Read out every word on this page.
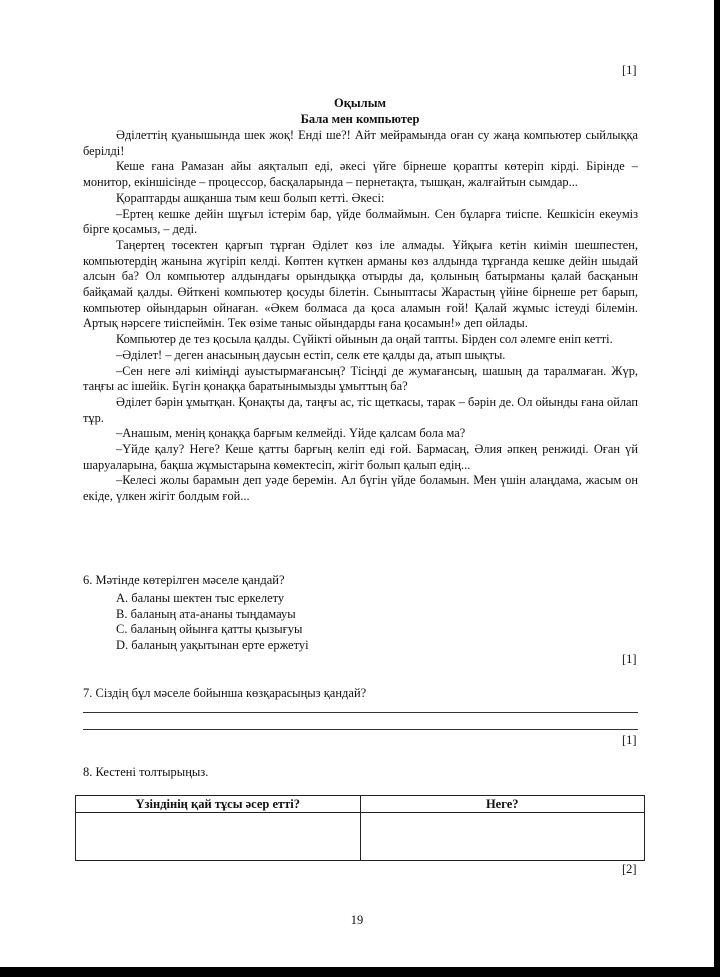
[1]
Оқылым
Бала мен компьютер

Әділеттің қуанышында шек жоқ! Енді ше?! Айт мейрамында оған су жаңа компьютер сыйлыққа берілді!

Кеше ғана Рамазан айы аяқталып еді, әкесі үйге бірнеше қорапты көтеріп кірді. Бірінде – монитор, екіншісінде – процессор, басқаларында – пернетақта, тышқан, жалғайтын сымдар...

Қораптарды ашқанша тым кеш болып кетті. Әкесі:

–Ертең кешке дейін шұғыл істерім бар, үйде болмаймын. Сен бұларға тиіспе. Кешкісін екеуміз бірге қосамыз, – деді.

Таңертең төсектен қарғып тұрған Әділет көз іле алмады. Ұйқыға кетін киімін шешпестен, компьютердің жанына жүгіріп келді. Көптен күткен арманы көз алдында тұрғанда кешке дейін шыдай алсын ба? Ол компьютер алдындағы орындыққа отырды да, қолының батырманы қалай басқанын байқамай қалды. Өйткені компьютер қосуды білетін. Сыныптасы Жарастың үйіне бірнеше рет барып, компьютер ойындарын ойнаған. «Әкем болмаса да қоса аламын ғой! Қалай жұмыс істеуді білемін. Артық нәрсеге тиіспеймін. Тек өзіме таныс ойындарды ғана қосамын!» деп ойлады.

Компьютер де тез қосыла қалды. Сүйікті ойынын да оңай тапты. Бірден сол әлемге еніп кетті.

–Әділет! – деген анасының даусын естіп, селк ете қалды да, атып шықты.

–Сен неге әлі киіміңді ауыстырмағансың? Тісіңді де жумағансың, шашың да таралмаған. Жүр, таңғы ас ішейік. Бүгін қонаққа баратынымызды ұмыттың ба?

Әділет бәрін ұмытқан. Қонақты да, таңғы ас, тіс щеткасы, тарак – бәрін де. Ол ойынды ғана ойлап тұр.

–Анашым, менің қонаққа барғым келмейді. Үйде қалсам бола ма?

–Үйде қалу? Неге? Кеше қатты барғың келіп еді ғой. Бармасаң, Әлия әпкең ренжиді. Оған үй шаруаларына, бақша жұмыстарына көмектесіп, жігіт болып қалып едің...

–Келесі жолы барамын деп уәде беремін. Ал бүгін үйде боламын. Мен үшін алаңдама, жасым он екіде, үлкен жігіт болдым ғой...

6. Мәтінде көтерілген мәселе қандай?
A. баланы шектен тыс еркелету
B. баланың ата-ананы тыңдамауы
C. баланың ойынға қатты қызығуы
D. баланың уақытынан ерте ержетуі
[1]
7. Сіздің бұл мәселе бойынша көзқарасыңыз қандай?
[1]
8. Кестені толтырыңыз.
Үзіндінің қай тұсы әсер етті?	Неге?

[2]
19
